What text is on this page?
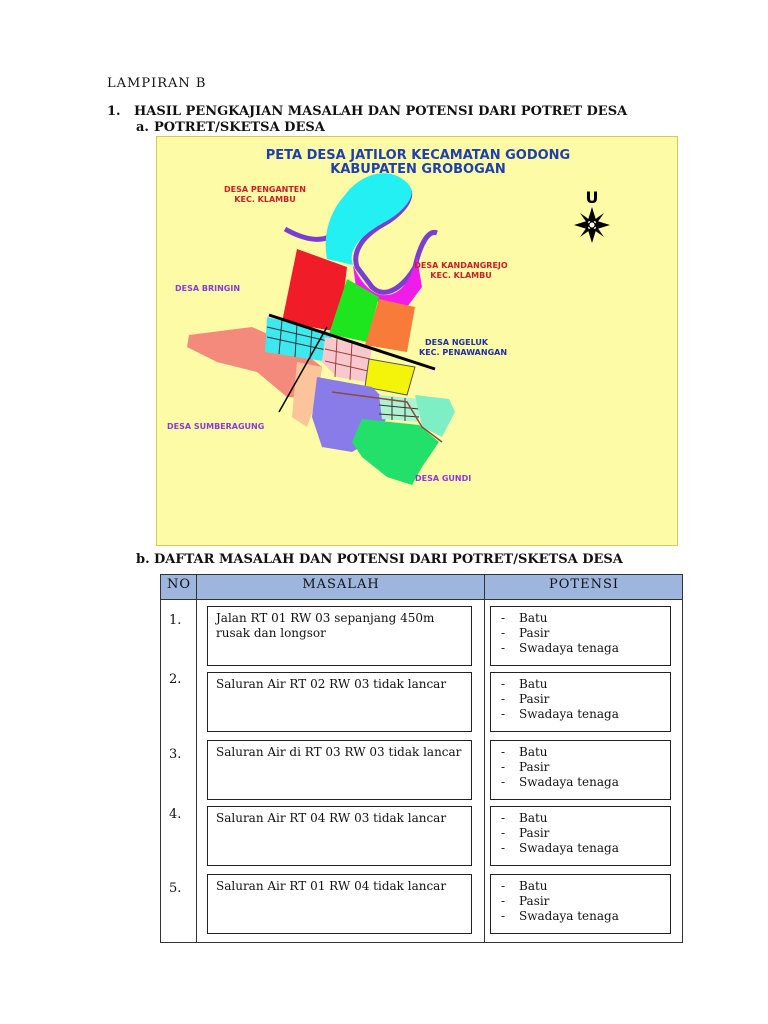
LAMPIRAN B
1. HASIL PENGKAJIAN MASALAH DAN POTENSI DARI POTRET DESA
a. POTRET/SKETSA DESA
PETA DESA JATILOR KECAMATAN GODONG
KABUPATEN GROBOGAN
U
DESA PENGANTEN
KEC. KLAMBU
DESA KANDANGREJO
KEC. KLAMBU
DESA BRINGIN
DESA NGELUK
KEC. PENAWANGAN
DESA SUMBERAGUNG
DESA GUNDI
b. DAFTAR MASALAH DAN POTENSI DARI POTRET/SKETSA DESA
NO	MASALAH	POTENSI
1.	Jalan RT 01 RW 03 sepanjang 450m rusak dan longsor
- Batu
- Pasir
- Swadaya tenaga
2.	Saluran Air RT 02 RW 03 tidak lancar	- Batu
- Pasir
- Swadaya tenaga
3.	Saluran Air di RT 03 RW 03 tidak lancar	- Batu
- Pasir
- Swadaya tenaga
4.	Saluran Air RT 04 RW 03 tidak lancar	- Batu
- Pasir
- Swadaya tenaga
5.	Saluran Air RT 01 RW 04 tidak lancar	- Batu
- Pasir
- Swadaya tenaga
